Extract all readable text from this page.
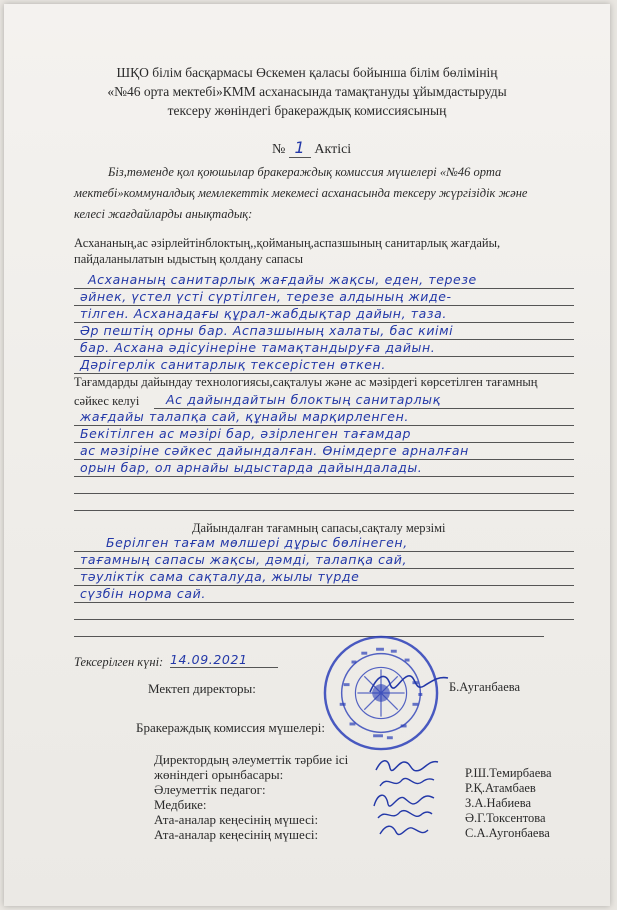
ШҚО білім басқармасы Өскемен қаласы бойынша білім бөлімінің
«№46 орта мектебі»КММ асханасында тамақтануды ұйымдастыруды
тексеру жөніндегі бракераждық комиссиясының
№ 1 Актісі
Біз,төменде қол қоюшылар бракераждық комиссия мүшелері «№46 орта
мектебі»коммуналдық мемлекеттік мекемесі асханасында тексеру жүргізідік және
келесі жағдайларды анықтадық:
Асхананың,ас әзірлейтінблоктың,,қойманың,аспазшының санитарлық жағдайы,
пайдаланылатын ыдыстың қолдану сапасы
Асхананың санитарлық жағдайы жақсы, еден, терезе
әйнек, үстел үсті сүртілген, терезе алдының жиде-
тілген. Асханадағы құрал-жабдықтар дайын, таза.
Әр пештің орны бар. Аспазшының халаты, бас киімі
бар. Асхана әдісуінеріне тамақтандыруға дайын.
Дәрігерлік санитарлық тексерістен өткен.
Тағамдарды дайындау технологиясы,сақталуы және ас мәзірдегі көрсетілген тағамның
сәйкес келуі Ас дайындайтын блоктың санитарлық
жағдайы талапқа сай, құнайы марқирленген.
Бекітілген ас мәзірі бар, әзірленген тағамдар
ас мәзіріне сәйкес дайындалған. Өнімдерге арналған
орын бар, ол арнайы ыдыстарда дайындалады.
Дайындалған тағамның сапасы,сақталу мерзімі
Берілген тағам мөлшері дұрыс бөлінеген,
тағамның сапасы жақсы, дәмді, талапқа сай,
тәуліктік сама сақталуда, жылы түрде
сүзбін норма сай.
Тексерілген күні: 14.09.2021
Мектеп директоры:	Б.Ауганбаева
Бракераждық комиссия мүшелері:
Директордың әлеуметтік тәрбие ісі
жөніндегі орынбасары:	Р.Ш.Темирбаева
Әлеуметтік педагог:	Р.Қ.Атамбаев
Медбике:	З.А.Набиева
Ата-аналар кеңесінің мүшесі:	Ә.Г.Токсентова
Ата-аналар кеңесінің мүшесі:	С.А.Аугонбаева
